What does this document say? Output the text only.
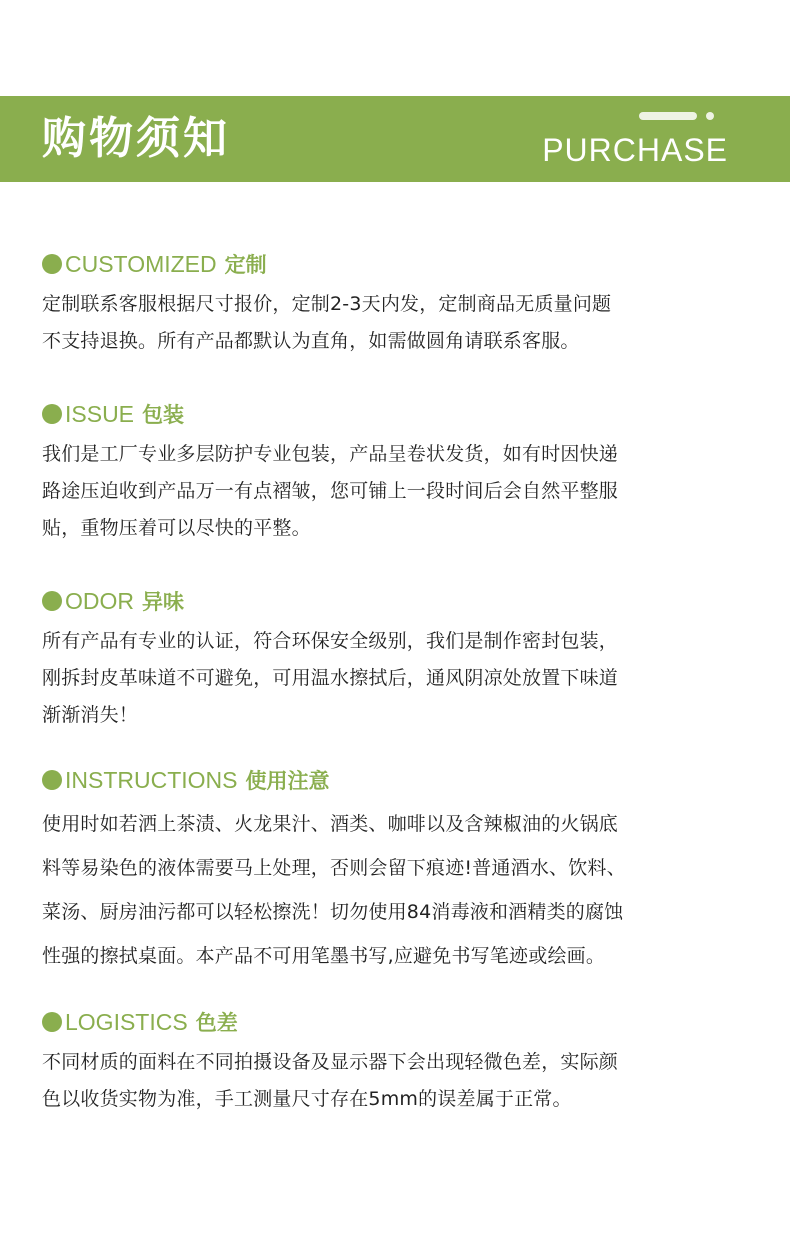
购物须知	PURCHASE
CUSTOMIZED 定制
定制联系客服根据尺寸报价，定制2-3天内发，定制商品无质量问题
不支持退换。所有产品都默认为直角，如需做圆角请联系客服。
ISSUE 包装
我们是工厂专业多层防护专业包装，产品呈卷状发货，如有时因快递
路途压迫收到产品万一有点褶皱，您可铺上一段时间后会自然平整服
贴，重物压着可以尽快的平整。
ODOR 异味
所有产品有专业的认证，符合环保安全级别，我们是制作密封包装，
刚拆封皮革味道不可避免，可用温水擦拭后，通风阴凉处放置下味道
渐渐消失！
INSTRUCTIONS 使用注意
使用时如若洒上茶渍、火龙果汁、酒类、咖啡以及含辣椒油的火锅底
料等易染色的液体需要马上处理，否则会留下痕迹!普通酒水、饮料、
菜汤、厨房油污都可以轻松擦洗！切勿使用84消毒液和酒精类的腐蚀
性强的擦拭桌面。本产品不可用笔墨书写,应避免书写笔迹或绘画。
LOGISTICS 色差
不同材质的面料在不同拍摄设备及显示器下会出现轻微色差，实际颜
色以收货实物为准，手工测量尺寸存在5mm的误差属于正常。
